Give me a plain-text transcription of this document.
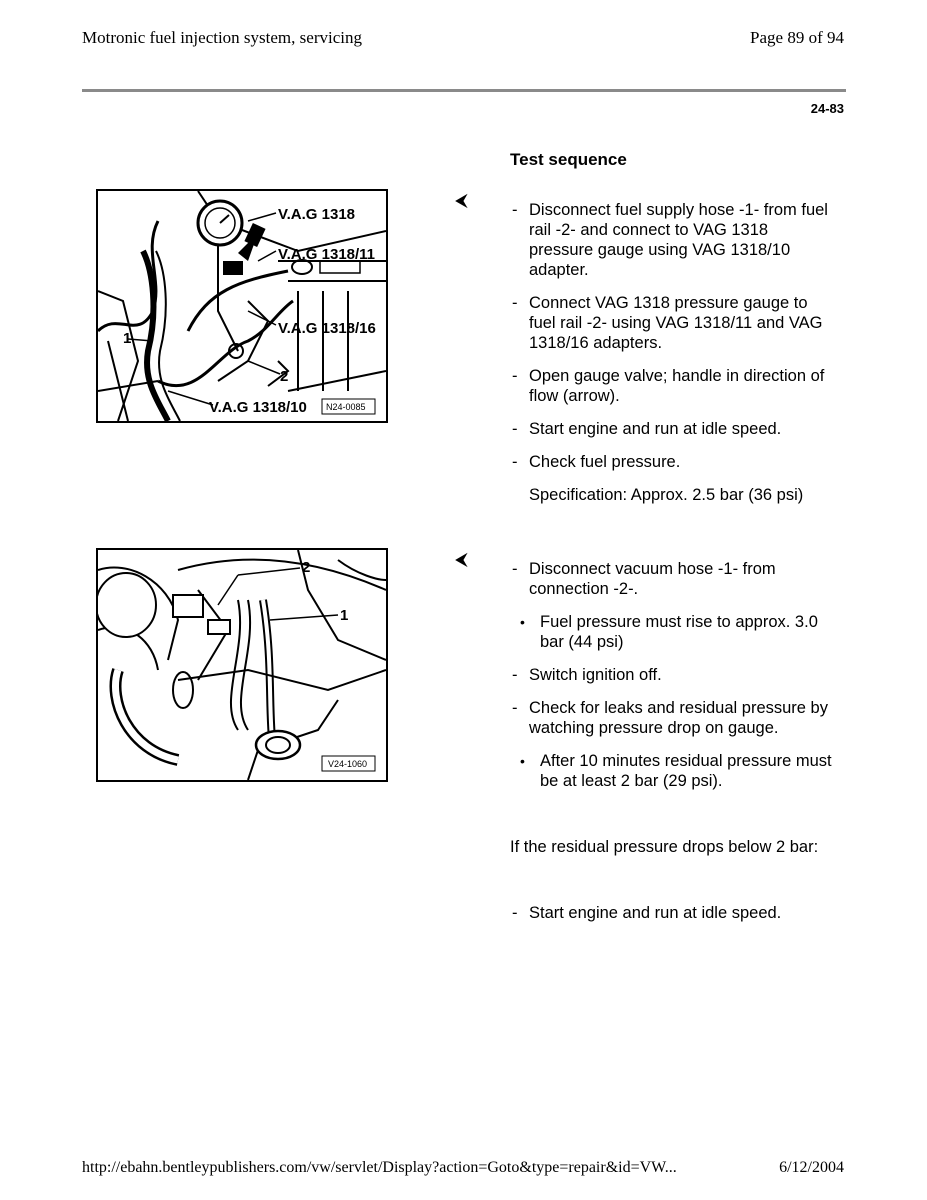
Motronic fuel injection system, servicing	Page 89 of 94
24-83
Test sequence
V.A.G 1318
V.A.G 1318/11
V.A.G 1318/16
1
2
V.A.G 1318/10 N24-0085
⮜	- Disconnect fuel supply hose -1- from fuel rail -2- and connect to VAG 1318 pressure gauge using VAG 1318/10 adapter.

- Connect VAG 1318 pressure gauge to fuel rail -2- using VAG 1318/11 and VAG 1318/16 adapters.

- Open gauge valve; handle in direction of flow (arrow).

- Start engine and run at idle speed.

- Check fuel pressure.

Specification: Approx. 2.5 bar (36 psi)

2
1
V24-1060
⮜	- Disconnect vacuum hose -1- from connection -2-.

• Fuel pressure must rise to approx. 3.0 bar (44 psi)

- Switch ignition off.

- Check for leaks and residual pressure by watching pressure drop on gauge.

• After 10 minutes residual pressure must be at least 2 bar (29 psi).

If the residual pressure drops below 2 bar:

- Start engine and run at idle speed.

http://ebahn.bentleypublishers.com/vw/servlet/Display?action=Goto&type=repair&id=VW...	6/12/2004
